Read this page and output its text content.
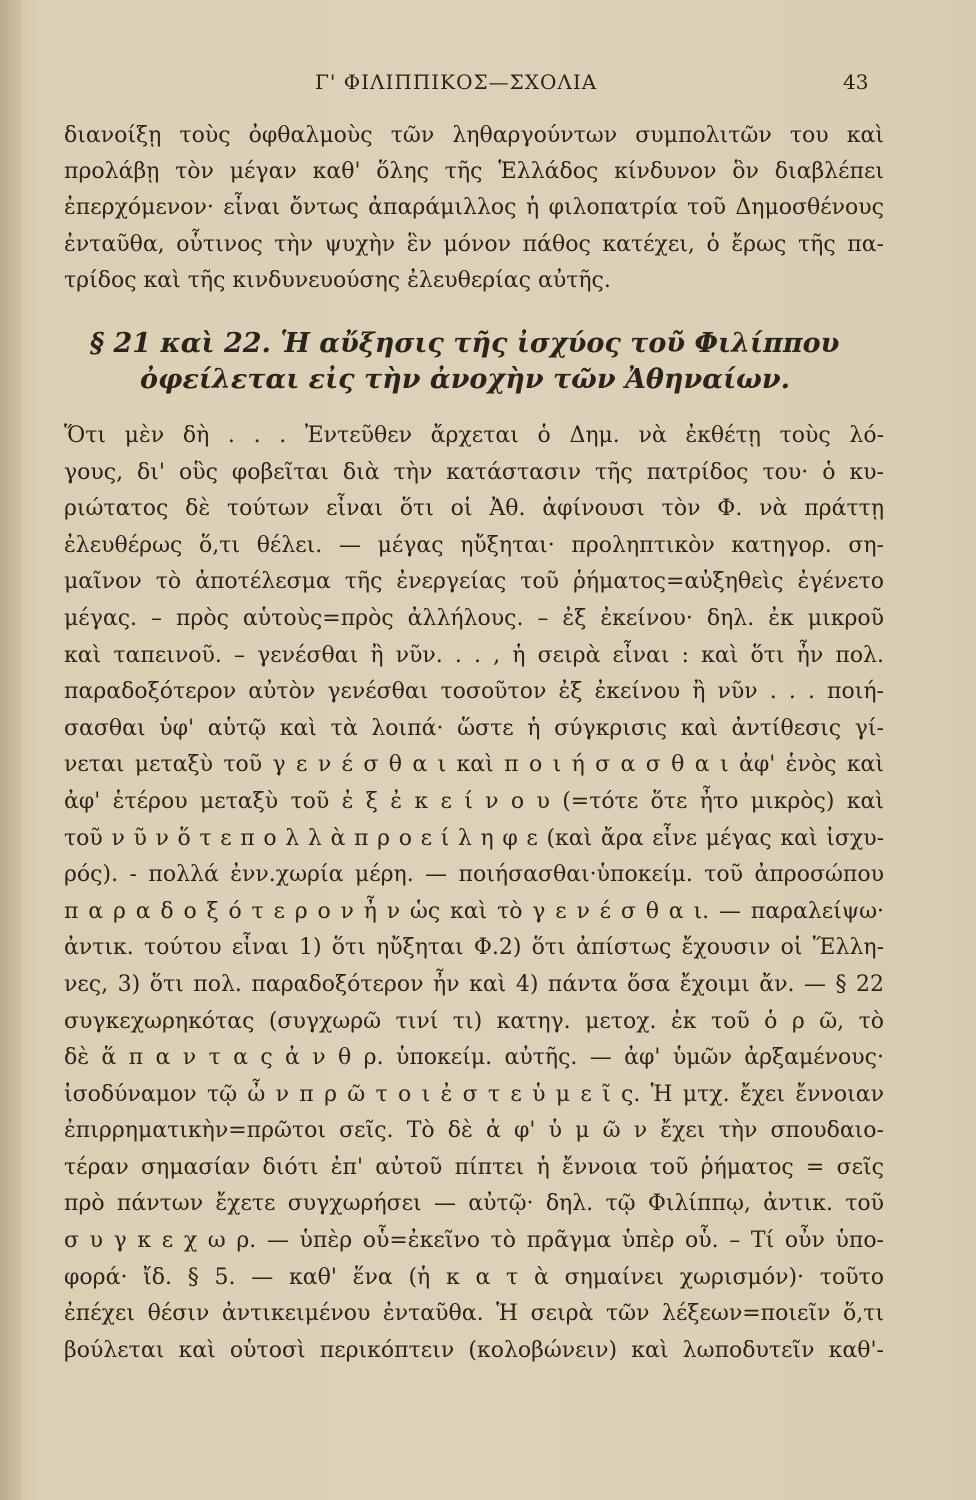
Γ' ΦΙΛΙΠΠΙΚΟΣ—ΣΧΟΛΙΑ	43
διανοίξῃ τοὺς ὀφθαλμοὺς τῶν ληθαργούντων συμπολιτῶν του καὶ
προλάβῃ τὸν μέγαν καθ' ὅλης τῆς Ἑλλάδος κίνδυνον ὃν διαβλέπει
ἐπερχόμενον· εἶναι ὄντως ἀπαράμιλλος ἡ φιλοπατρία τοῦ Δημοσθένους
ἐνταῦθα, οὗτινος τὴν ψυχὴν ἓν μόνον πάθος κατέχει, ὁ ἔρως τῆς πα-
τρίδος καὶ τῆς κινδυνευούσης ἐλευθερίας αὐτῆς.
§ 21 καὶ 22. Ἡ αὔξησις τῆς ἰσχύος τοῦ Φιλίππου
ὀφείλεται εἰς τὴν ἀνοχὴν τῶν Ἀθηναίων.
Ὅτι μὲν δὴ . . . Ἐντεῦθεν ἄρχεται ὁ Δημ. νὰ ἐκθέτῃ τοὺς λό-
γους, δι' οὓς φοβεῖται διὰ τὴν κατάστασιν τῆς πατρίδος του· ὁ κυ-
ριώτατος δὲ τούτων εἶναι ὅτι οἱ Ἀθ. ἀφίνουσι τὸν Φ. νὰ πράττῃ
ἐλευθέρως ὅ,τι θέλει. — μέγας ηὔξηται· προληπτικὸν κατηγορ. ση-
μαῖνον τὸ ἀποτέλεσμα τῆς ἐνεργείας τοῦ ῥήματος=αὐξηθεὶς ἐγένετο
μέγας. – πρὸς αὑτοὺς=πρὸς ἀλλήλους. – ἐξ ἐκείνου· δηλ. ἐκ μικροῦ
καὶ ταπεινοῦ. – γενέσθαι ἢ νῦν. . . , ἡ σειρὰ εἶναι : καὶ ὅτι ἦν πολ.
παραδοξότερον αὐτὸν γενέσθαι τοσοῦτον ἐξ ἐκείνου ἢ νῦν . . . ποιή-
σασθαι ὑφ' αὑτῷ καὶ τὰ λοιπά· ὥστε ἡ σύγκρισις καὶ ἀντίθεσις γί-
νεται μεταξὺ τοῦ γ ε ν έ σ θ α ι καὶ π ο ι ή σ α σ θ α ι ἀφ' ἑνὸς καὶ
ἀφ' ἑτέρου μεταξὺ τοῦ ἐ ξ ἐ κ ε ί ν ο υ (=τότε ὅτε ἦτο μικρὸς) καὶ
τοῦ ν ῦ ν ὅ τ ε π ο λ λ ὰ π ρ ο ε ί λ η φ ε (καὶ ἄρα εἶνε μέγας καὶ ἰσχυ-
ρός). - πολλά ἐνν.χωρία μέρη. — ποιήσασθαι·ὑποκείμ. τοῦ ἀπροσώπου
π α ρ α δ ο ξ ό τ ε ρ ο ν ἦ ν ὡς καὶ τὸ γ ε ν έ σ θ α ι. — παραλείψω·
ἀντικ. τούτου εἶναι 1) ὅτι ηὔξηται Φ.2) ὅτι ἀπίστως ἔχουσιν οἱ Ἕλλη-
νες, 3) ὅτι πολ. παραδοξότερον ἦν καὶ 4) πάντα ὅσα ἔχοιμι ἄν. — § 22
συγκεχωρηκότας (συγχωρῶ τινί τι) κατηγ. μετοχ. ἐκ τοῦ ὁ ρ ῶ, τὸ
δὲ ἅ π α ν τ α ς ἀ ν θ ρ. ὑποκείμ. αὐτῆς. — ἀφ' ὑμῶν ἀρξαμένους·
ἰσοδύναμον τῷ ὦ ν π ρ ῶ τ ο ι ἐ σ τ ε ὑ μ ε ῖ ς. Ἡ μτχ. ἔχει ἔννοιαν
ἐπιρρηματικὴν=πρῶτοι σεῖς. Τὸ δὲ ἀ φ' ὑ μ ῶ ν ἔχει τὴν σπουδαιο-
τέραν σημασίαν διότι ἐπ' αὐτοῦ πίπτει ἡ ἔννοια τοῦ ῥήματος = σεῖς
πρὸ πάντων ἔχετε συγχωρήσει — αὐτῷ· δηλ. τῷ Φιλίππῳ, ἀντικ. τοῦ
σ υ γ κ ε χ ω ρ. — ὑπὲρ οὗ=ἐκεῖνο τὸ πρᾶγμα ὑπὲρ οὗ. – Τί οὖν ὑπο-
φορά· ἴδ. § 5. — καθ' ἕνα (ἡ κ α τ ὰ σημαίνει χωρισμόν)· τοῦτο
ἐπέχει θέσιν ἀντικειμένου ἐνταῦθα. Ἡ σειρὰ τῶν λέξεων=ποιεῖν ὅ,τι
βούλεται καὶ οὑτοσὶ περικόπτειν (κολοβώνειν) καὶ λωποδυτεῖν καθ'-
